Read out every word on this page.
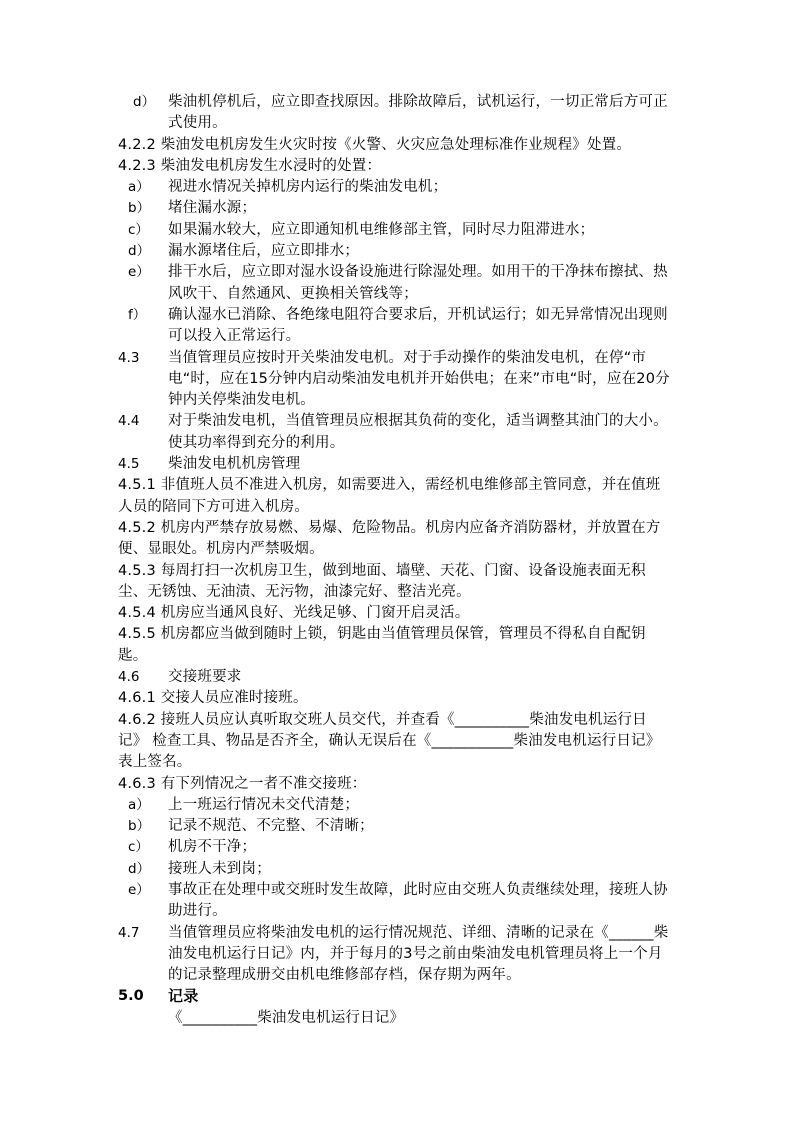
d） 柴油机停机后，应立即查找原因。排除故障后，试机运行，一切正常后方可正式使用。
4.2.2 柴油发电机房发生火灾时按《火警、火灾应急处理标准作业规程》处置。
4.2.3 柴油发电机房发生水浸时的处置：
a） 视进水情况关掉机房内运行的柴油发电机；
b） 堵住漏水源；
c） 如果漏水较大，应立即通知机电维修部主管，同时尽力阻滞进水；
d） 漏水源堵住后，应立即排水；
e） 排干水后，应立即对湿水设备设施进行除湿处理。如用干的干净抹布擦拭、热风吹干、自然通风、更换相关管线等；
f） 确认湿水已消除、各绝缘电阻符合要求后，开机试运行；如无异常情况出现则可以投入正常运行。
4.3 当值管理员应按时开关柴油发电机。对于手动操作的柴油发电机，在停“市电“时，应在15分钟内启动柴油发电机并开始供电；在来”市电“时，应在20分钟内关停柴油发电机。
4.4 对于柴油发电机，当值管理员应根据其负荷的变化，适当调整其油门的大小。使其功率得到充分的利用。
4.5 柴油发电机机房管理
4.5.1 非值班人员不准进入机房，如需要进入，需经机电维修部主管同意，并在值班人员的陪同下方可进入机房。
4.5.2 机房内严禁存放易燃、易爆、危险物品。机房内应备齐消防器材，并放置在方便、显眼处。机房内严禁吸烟。
4.5.3 每周打扫一次机房卫生，做到地面、墙壁、天花、门窗、设备设施表面无积尘、无锈蚀、无油渍、无污物，油漆完好、整洁光亮。
4.5.4 机房应当通风良好、光线足够、门窗开启灵活。
4.5.5 机房都应当做到随时上锁，钥匙由当值管理员保管，管理员不得私自自配钥匙。
4.6 交接班要求
4.6.1 交接人员应准时接班。
4.6.2 接班人员应认真听取交班人员交代，并查看《__________柴油发电机运行日记》 检查工具、物品是否齐全，确认无误后在《___________柴油发电机运行日记》表上签名。
4.6.3 有下列情况之一者不准交接班：
a） 上一班运行情况未交代清楚；
b） 记录不规范、不完整、不清晰；
c） 机房不干净；
d） 接班人未到岗；
e） 事故正在处理中或交班时发生故障，此时应由交班人负责继续处理，接班人协助进行。
4.7 当值管理员应将柴油发电机的运行情况规范、详细、清晰的记录在《______柴油发电机运行日记》内，并于每月的3号之前由柴油发电机管理员将上一个月的记录整理成册交由机电维修部存档，保存期为两年。
5.0 记录
《__________柴油发电机运行日记》
